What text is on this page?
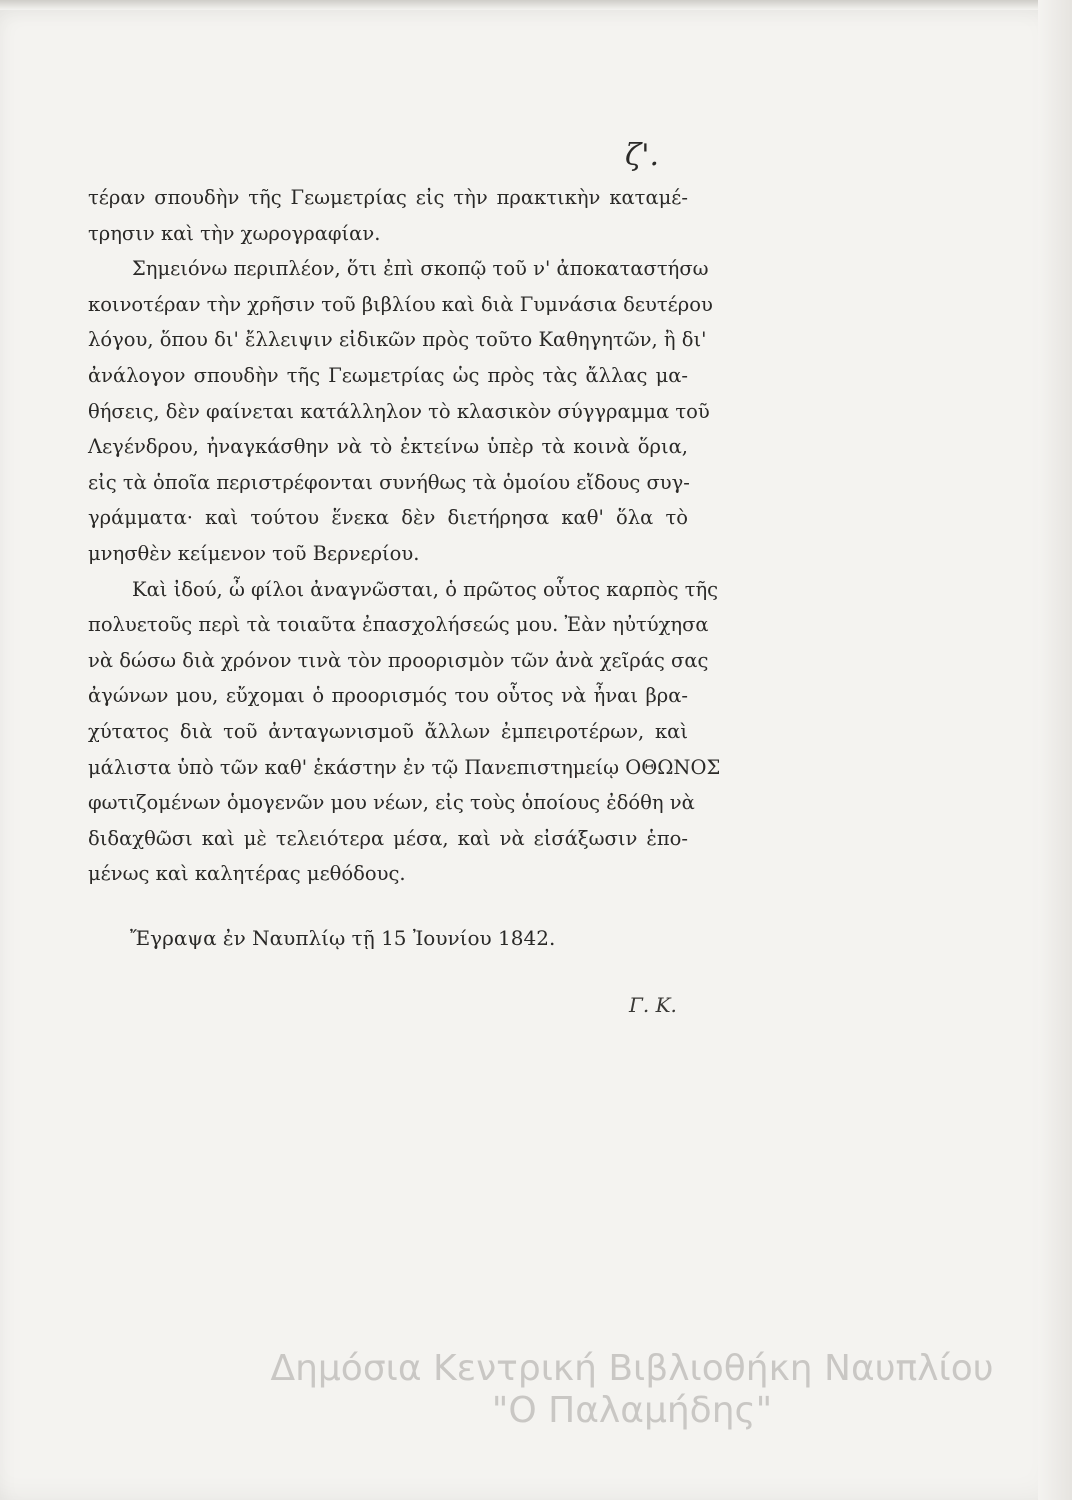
ζ'.
τέραν σπουδὴν τῆς Γεωμετρίας εἰς τὴν πρακτικὴν καταμέ-
τρησιν καὶ τὴν χωρογραφίαν.
Σημειόνω περιπλέον, ὅτι ἐπὶ σκοπῷ τοῦ ν' ἀποκαταστήσω
κοινοτέραν τὴν χρῆσιν τοῦ βιβλίου καὶ διὰ Γυμνάσια δευτέρου
λόγου, ὅπου δι' ἔλλειψιν εἰδικῶν πρὸς τοῦτο Καθηγητῶν, ἢ δι'
ἀνάλογον σπουδὴν τῆς Γεωμετρίας ὡς πρὸς τὰς ἄλλας μα-
θήσεις, δὲν φαίνεται κατάλληλον τὸ κλασικὸν σύγγραμμα τοῦ
Λεγένδρου, ἠναγκάσθην νὰ τὸ ἐκτείνω ὑπὲρ τὰ κοινὰ ὅρια,
εἰς τὰ ὁποῖα περιστρέφονται συνήθως τὰ ὁμοίου εἴδους συγ-
γράμματα· καὶ τούτου ἕνεκα δὲν διετήρησα καθ' ὅλα τὸ
μνησθὲν κείμενον τοῦ Βερνερίου.
Καὶ ἰδού, ὦ φίλοι ἀναγνῶσται, ὁ πρῶτος οὗτος καρπὸς τῆς
πολυετοῦς περὶ τὰ τοιαῦτα ἐπασχολήσεώς μου. Ἐὰν ηὐτύχησα
νὰ δώσω διὰ χρόνον τινὰ τὸν προορισμὸν τῶν ἀνὰ χεῖράς σας
ἀγώνων μου, εὔχομαι ὁ προορισμός του οὗτος νὰ ἦναι βρα-
χύτατος διὰ τοῦ ἀνταγωνισμοῦ ἄλλων ἐμπειροτέρων, καὶ
μάλιστα ὑπὸ τῶν καθ' ἑκάστην ἐν τῷ Πανεπιστημείῳ ΟΘΩΝΟΣ
φωτιζομένων ὁμογενῶν μου νέων, εἰς τοὺς ὁποίους ἐδόθη νὰ
διδαχθῶσι καὶ μὲ τελειότερα μέσα, καὶ νὰ εἰσάξωσιν ἑπο-
μένως καὶ καλητέρας μεθόδους.
Ἔγραψα ἐν Ναυπλίῳ τῇ 15 Ἰουνίου 1842.
Γ. Κ.
Δημόσια Κεντρική Βιβλιοθήκη Ναυπλίου
"Ο Παλαμήδης"
